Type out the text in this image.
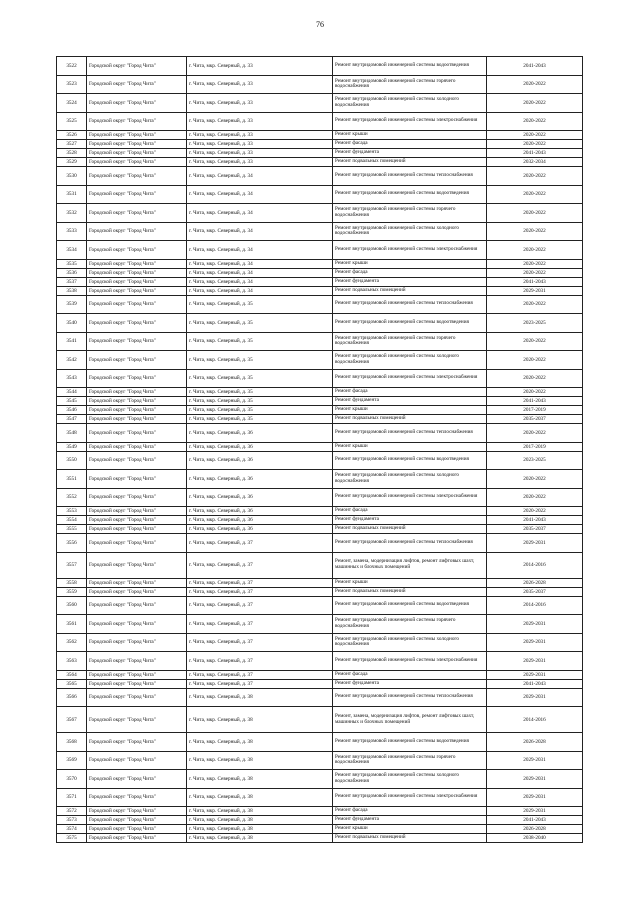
76
3522	Городской округ "Город Чита"	г. Чита, мкр. Северный, д. 33	Ремонт внутридомовой инженерной системы водоотведения	2041-2043
3523	Городской округ "Город Чита"	г. Чита, мкр. Северный, д. 33	Ремонт внутридомовой инженерной системы горячего водоснабжения	2020-2022
3524	Городской округ "Город Чита"	г. Чита, мкр. Северный, д. 33	Ремонт внутридомовой инженерной системы холодного водоснабжения	2020-2022
3525	Городской округ "Город Чита"	г. Чита, мкр. Северный, д. 33	Ремонт внутридомовой инженерной системы электроснабжения	2020-2022
3526	Городской округ "Город Чита"	г. Чита, мкр. Северный, д. 33	Ремонт крыши	2020-2022
3527	Городской округ "Город Чита"	г. Чита, мкр. Северный, д. 33	Ремонт фасада	2020-2022
3528	Городской округ "Город Чита"	г. Чита, мкр. Северный, д. 33	Ремонт фундамента	2041-2043
3529	Городской округ "Город Чита"	г. Чита, мкр. Северный, д. 33	Ремонт подвальных помещений	2032-2034
3530	Городской округ "Город Чита"	г. Чита, мкр. Северный, д. 34	Ремонт внутридомовой инженерной системы теплоснабжения	2020-2022
3531	Городской округ "Город Чита"	г. Чита, мкр. Северный, д. 34	Ремонт внутридомовой инженерной системы водоотведения	2020-2022
3532	Городской округ "Город Чита"	г. Чита, мкр. Северный, д. 34	Ремонт внутридомовой инженерной системы горячего водоснабжения	2020-2022
3533	Городской округ "Город Чита"	г. Чита, мкр. Северный, д. 34	Ремонт внутридомовой инженерной системы холодного водоснабжения	2020-2022
3534	Городской округ "Город Чита"	г. Чита, мкр. Северный, д. 34	Ремонт внутридомовой инженерной системы электроснабжения	2020-2022
3535	Городской округ "Город Чита"	г. Чита, мкр. Северный, д. 34	Ремонт крыши	2020-2022
3536	Городской округ "Город Чита"	г. Чита, мкр. Северный, д. 34	Ремонт фасада	2020-2022
3537	Городской округ "Город Чита"	г. Чита, мкр. Северный, д. 34	Ремонт фундамента	2041-2043
3538	Городской округ "Город Чита"	г. Чита, мкр. Северный, д. 34	Ремонт подвальных помещений	2029-2031
3539	Городской округ "Город Чита"	г. Чита, мкр. Северный, д. 35	Ремонт внутридомовой инженерной системы теплоснабжения	2020-2022
3540	Городской округ "Город Чита"	г. Чита, мкр. Северный, д. 35	Ремонт внутридомовой инженерной системы водоотведения	2023-2025
3541	Городской округ "Город Чита"	г. Чита, мкр. Северный, д. 35	Ремонт внутридомовой инженерной системы горячего водоснабжения	2020-2022
3542	Городской округ "Город Чита"	г. Чита, мкр. Северный, д. 35	Ремонт внутридомовой инженерной системы холодного водоснабжения	2020-2022
3543	Городской округ "Город Чита"	г. Чита, мкр. Северный, д. 35	Ремонт внутридомовой инженерной системы электроснабжения	2020-2022
3544	Городской округ "Город Чита"	г. Чита, мкр. Северный, д. 35	Ремонт фасада	2020-2022
3545	Городской округ "Город Чита"	г. Чита, мкр. Северный, д. 35	Ремонт фундамента	2041-2043
3546	Городской округ "Город Чита"	г. Чита, мкр. Северный, д. 35	Ремонт крыши	2017-2019
3547	Городской округ "Город Чита"	г. Чита, мкр. Северный, д. 35	Ремонт подвальных помещений	2035-2037
3548	Городской округ "Город Чита"	г. Чита, мкр. Северный, д. 36	Ремонт внутридомовой инженерной системы теплоснабжения	2020-2022
3549	Городской округ "Город Чита"	г. Чита, мкр. Северный, д. 36	Ремонт крыши	2017-2019
3550	Городской округ "Город Чита"	г. Чита, мкр. Северный, д. 36	Ремонт внутридомовой инженерной системы водоотведения	2023-2025
3551	Городской округ "Город Чита"	г. Чита, мкр. Северный, д. 36	Ремонт внутридомовой инженерной системы холодного водоснабжения	2020-2022
3552	Городской округ "Город Чита"	г. Чита, мкр. Северный, д. 36	Ремонт внутридомовой инженерной системы электроснабжения	2020-2022
3553	Городской округ "Город Чита"	г. Чита, мкр. Северный, д. 36	Ремонт фасада	2020-2022
3554	Городской округ "Город Чита"	г. Чита, мкр. Северный, д. 36	Ремонт фундамента	2041-2043
3555	Городской округ "Город Чита"	г. Чита, мкр. Северный, д. 36	Ремонт подвальных помещений	2035-2037
3556	Городской округ "Город Чита"	г. Чита, мкр. Северный, д. 37	Ремонт внутридомовой инженерной системы теплоснабжения	2029-2031
3557	Городской округ "Город Чита"	г. Чита, мкр. Северный, д. 37	Ремонт, замена, модернизация лифтов, ремонт лифтовых шахт, машинных и блочных помещений	2014-2016
3558	Городской округ "Город Чита"	г. Чита, мкр. Северный, д. 37	Ремонт крыши	2026-2028
3559	Городской округ "Город Чита"	г. Чита, мкр. Северный, д. 37	Ремонт подвальных помещений	2035-2037
3560	Городской округ "Город Чита"	г. Чита, мкр. Северный, д. 37	Ремонт внутридомовой инженерной системы водоотведения	2014-2016
3561	Городской округ "Город Чита"	г. Чита, мкр. Северный, д. 37	Ремонт внутридомовой инженерной системы горячего водоснабжения	2029-2031
3562	Городской округ "Город Чита"	г. Чита, мкр. Северный, д. 37	Ремонт внутридомовой инженерной системы холодного водоснабжения	2029-2031
3563	Городской округ "Город Чита"	г. Чита, мкр. Северный, д. 37	Ремонт внутридомовой инженерной системы электроснабжения	2029-2031
3564	Городской округ "Город Чита"	г. Чита, мкр. Северный, д. 37	Ремонт фасада	2029-2031
3565	Городской округ "Город Чита"	г. Чита, мкр. Северный, д. 37	Ремонт фундамента	2041-2043
3566	Городской округ "Город Чита"	г. Чита, мкр. Северный, д. 38	Ремонт внутридомовой инженерной системы теплоснабжения	2029-2031
3567	Городской округ "Город Чита"	г. Чита, мкр. Северный, д. 38	Ремонт, замена, модернизация лифтов, ремонт лифтовых шахт, машинных и блочных помещений	2014-2016
3568	Городской округ "Город Чита"	г. Чита, мкр. Северный, д. 38	Ремонт внутридомовой инженерной системы водоотведения	2026-2028
3569	Городской округ "Город Чита"	г. Чита, мкр. Северный, д. 38	Ремонт внутридомовой инженерной системы горячего водоснабжения	2029-2031
3570	Городской округ "Город Чита"	г. Чита, мкр. Северный, д. 38	Ремонт внутридомовой инженерной системы холодного водоснабжения	2029-2031
3571	Городской округ "Город Чита"	г. Чита, мкр. Северный, д. 38	Ремонт внутридомовой инженерной системы электроснабжения	2029-2031
3572	Городской округ "Город Чита"	г. Чита, мкр. Северный, д. 38	Ремонт фасада	2029-2031
3573	Городской округ "Город Чита"	г. Чита, мкр. Северный, д. 38	Ремонт фундамента	2041-2043
3574	Городской округ "Город Чита"	г. Чита, мкр. Северный, д. 38	Ремонт крыши	2026-2028
3575	Городской округ "Город Чита"	г. Чита, мкр. Северный, д. 38	Ремонт подвальных помещений	2038-2040
